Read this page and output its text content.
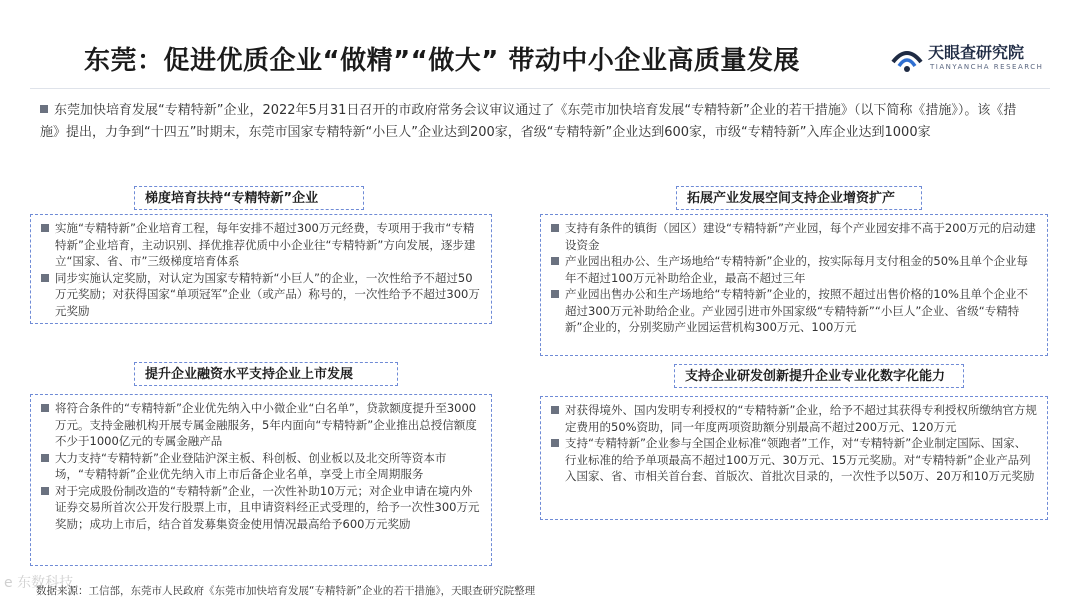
东莞：促进优质企业“做精”“做大” 带动中小企业高质量发展	天眼查研究院
TIANYANCHA RESEARCH
东莞加快培育发展“专精特新”企业，2022年5月31日召开的市政府常务会议审议通过了《东莞市加快培育发展“专精特新”企业的若干措施》（以下简称《措施》）。该《措施》提出，力争到“十四五”时期末，东莞市国家专精特新“小巨人”企业达到200家，省级“专精特新”企业达到600家，市级“专精特新”入库企业达到1000家
梯度培育扶持“专精特新”企业
实施“专精特新”企业培育工程，每年安排不超过300万元经费，专项用于我市“专精特新”企业培育，主动识别、择优推荐优质中小企业往“专精特新”方向发展，逐步建立“国家、省、市”三级梯度培育体系
同步实施认定奖励，对认定为国家专精特新“小巨人”的企业，一次性给予不超过50万元奖励；对获得国家“单项冠军”企业（或产品）称号的，一次性给予不超过300万元奖励
拓展产业发展空间支持企业增资扩产
支持有条件的镇街（园区）建设“专精特新”产业园，每个产业园安排不高于200万元的启动建设资金
产业园出租办公、生产场地给“专精特新”企业的，按实际每月支付租金的50%且单个企业每年不超过100万元补助给企业，最高不超过三年
产业园出售办公和生产场地给“专精特新”企业的，按照不超过出售价格的10%且单个企业不超过300万元补助给企业。产业园引进市外国家级“专精特新”“小巨人”企业、省级“专精特新”企业的，分别奖励产业园运营机构300万元、100万元
提升企业融资水平支持企业上市发展
将符合条件的“专精特新”企业优先纳入中小微企业“白名单”，贷款额度提升至3000万元。支持金融机构开展专属金融服务，5年内面向“专精特新”企业推出总授信额度不少于1000亿元的专属金融产品
大力支持“专精特新”企业登陆沪深主板、科创板、创业板以及北交所等资本市场，“专精特新”企业优先纳入市上市后备企业名单，享受上市全周期服务
对于完成股份制改造的“专精特新”企业，一次性补助10万元；对企业申请在境内外证券交易所首次公开发行股票上市，且申请资料经正式受理的，给予一次性300万元奖励；成功上市后，结合首发募集资金使用情况最高给予600万元奖励
支持企业研发创新提升企业专业化数字化能力
对获得境外、国内发明专利授权的“专精特新”企业，给予不超过其获得专利授权所缴纳官方规定费用的50%资助，同一年度两项资助额分别最高不超过200万元、120万元
支持“专精特新”企业参与全国企业标准“领跑者”工作，对“专精特新”企业制定国际、国家、行业标准的给予单项最高不超过100万元、30万元、15万元奖励。对“专精特新”企业产品列入国家、省、市相关首台套、首版次、首批次目录的，一次性予以50万、20万和10万元奖励
e 东数科技
数据来源：工信部，东莞市人民政府《东莞市加快培育发展“专精特新”企业的若干措施》，天眼查研究院整理
